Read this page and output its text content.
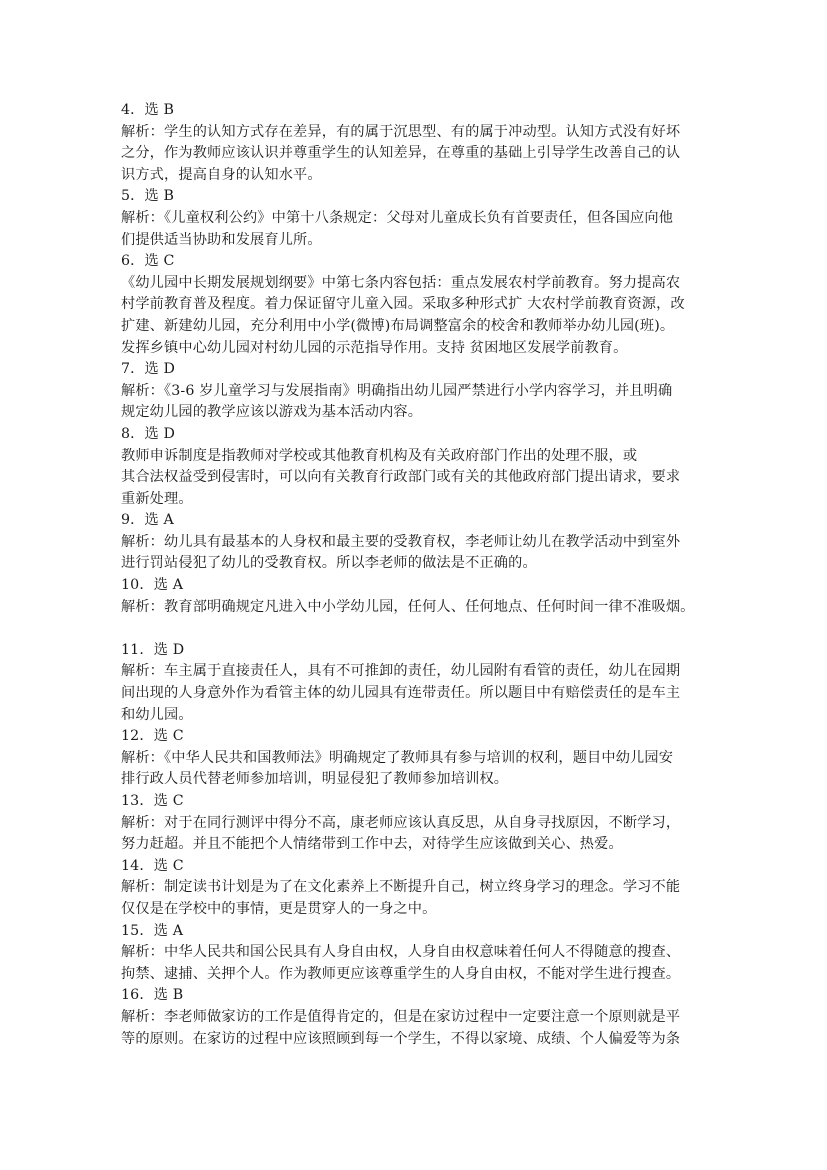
4．选 B
解析：学生的认知方式存在差异，有的属于沉思型、有的属于冲动型。认知方式没有好坏
之分，作为教师应该认识并尊重学生的认知差异，在尊重的基础上引导学生改善自己的认
识方式，提高自身的认知水平。
5．选 B
解析：《儿童权利公约》中第十八条规定：父母对儿童成长负有首要责任，但各国应向他
们提供适当协助和发展育儿所。
6．选 C
《幼儿园中长期发展规划纲要》中第七条内容包括：重点发展农村学前教育。努力提高农
村学前教育普及程度。着力保证留守儿童入园。采取多种形式扩 大农村学前教育资源，改
扩建、新建幼儿园，充分利用中小学(微博)布局调整富余的校舍和教师举办幼儿园(班)。
发挥乡镇中心幼儿园对村幼儿园的示范指导作用。支持 贫困地区发展学前教育。
7．选 D
解析：《3-6 岁儿童学习与发展指南》明确指出幼儿园严禁进行小学内容学习，并且明确
规定幼儿园的教学应该以游戏为基本活动内容。
8．选 D
教师申诉制度是指教师对学校或其他教育机构及有关政府部门作出的处理不服，或
其合法权益受到侵害时，可以向有关教育行政部门或有关的其他政府部门提出请求，要求
重新处理。
9．选 A
解析：幼儿具有最基本的人身权和最主要的受教育权，李老师让幼儿在教学活动中到室外
进行罚站侵犯了幼儿的受教育权。所以李老师的做法是不正确的。
10．选 A
解析：教育部明确规定凡进入中小学幼儿园，任何人、任何地点、任何时间一律不准吸烟。
11．选 D
解析：车主属于直接责任人，具有不可推卸的责任，幼儿园附有看管的责任，幼儿在园期
间出现的人身意外作为看管主体的幼儿园具有连带责任。所以题目中有赔偿责任的是车主
和幼儿园。
12．选 C
解析：《中华人民共和国教师法》明确规定了教师具有参与培训的权利，题目中幼儿园安
排行政人员代替老师参加培训，明显侵犯了教师参加培训权。
13．选 C
解析：对于在同行测评中得分不高，康老师应该认真反思，从自身寻找原因，不断学习，
努力赶超。并且不能把个人情绪带到工作中去，对待学生应该做到关心、热爱。
14．选 C
解析：制定读书计划是为了在文化素养上不断提升自己，树立终身学习的理念。学习不能
仅仅是在学校中的事情，更是贯穿人的一身之中。
15．选 A
解析：中华人民共和国公民具有人身自由权，人身自由权意味着任何人不得随意的搜查、
拘禁、逮捕、关押个人。作为教师更应该尊重学生的人身自由权，不能对学生进行搜查。
16．选 B
解析：李老师做家访的工作是值得肯定的，但是在家访过程中一定要注意一个原则就是平
等的原则。在家访的过程中应该照顾到每一个学生，不得以家境、成绩、个人偏爱等为条
